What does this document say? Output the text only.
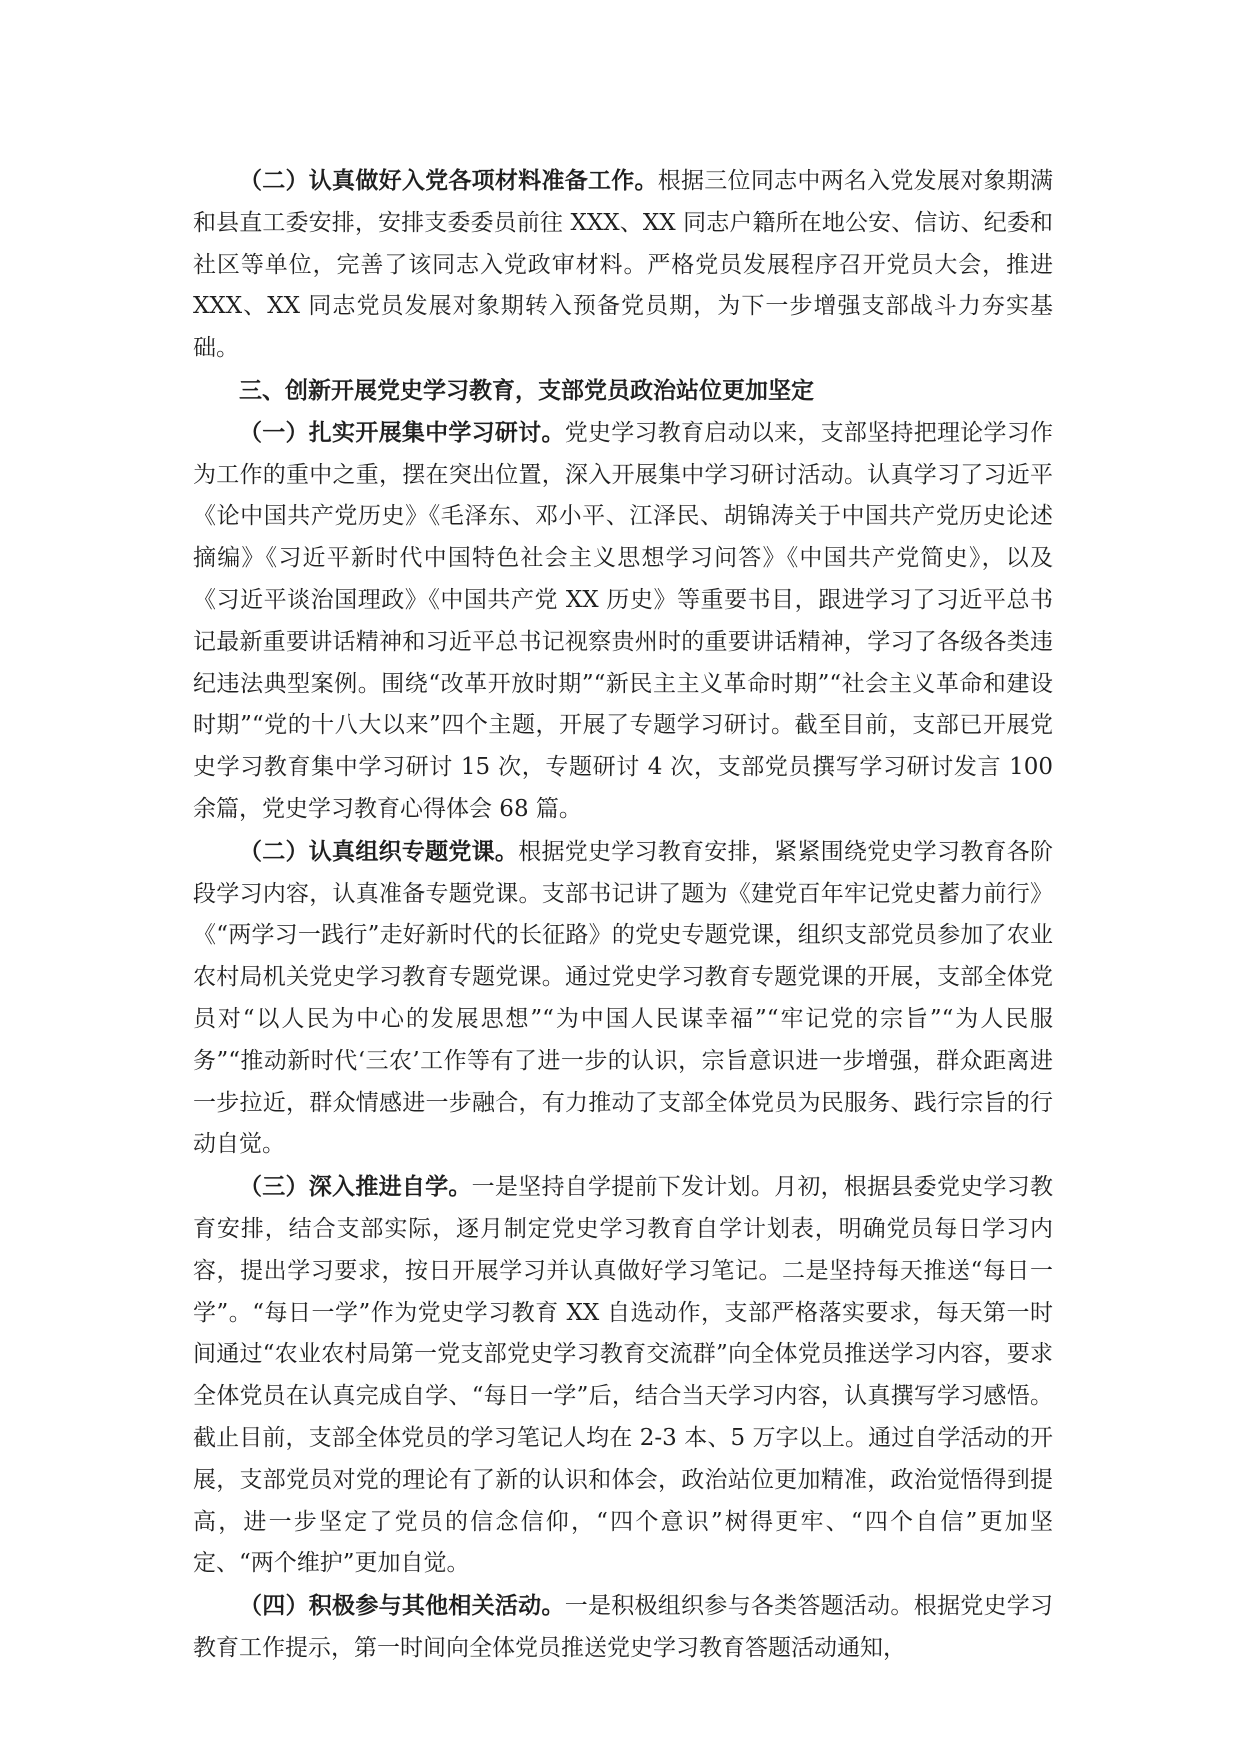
（二）认真做好入党各项材料准备工作。根据三位同志中两名入党发展对象期满和县直工委安排，安排支委委员前往 XXX、XX 同志户籍所在地公安、信访、纪委和社区等单位，完善了该同志入党政审材料。严格党员发展程序召开党员大会，推进 XXX、XX 同志党员发展对象期转入预备党员期，为下一步增强支部战斗力夯实基础。

三、创新开展党史学习教育，支部党员政治站位更加坚定

（一）扎实开展集中学习研讨。党史学习教育启动以来，支部坚持把理论学习作为工作的重中之重，摆在突出位置，深入开展集中学习研讨活动。认真学习了习近平《论中国共产党历史》《毛泽东、邓小平、江泽民、胡锦涛关于中国共产党历史论述摘编》《习近平新时代中国特色社会主义思想学习问答》《中国共产党简史》，以及《习近平谈治国理政》《中国共产党 XX 历史》等重要书目，跟进学习了习近平总书记最新重要讲话精神和习近平总书记视察贵州时的重要讲话精神，学习了各级各类违纪违法典型案例。围绕“改革开放时期”“新民主主义革命时期”“社会主义革命和建设时期”“党的十八大以来”四个主题，开展了专题学习研讨。截至目前，支部已开展党史学习教育集中学习研讨 15 次，专题研讨 4 次，支部党员撰写学习研讨发言 100 余篇，党史学习教育心得体会 68 篇。

（二）认真组织专题党课。根据党史学习教育安排，紧紧围绕党史学习教育各阶段学习内容，认真准备专题党课。支部书记讲了题为《建党百年牢记党史蓄力前行》《“两学习一践行”走好新时代的长征路》的党史专题党课，组织支部党员参加了农业农村局机关党史学习教育专题党课。通过党史学习教育专题党课的开展，支部全体党员对“以人民为中心的发展思想”“为中国人民谋幸福”“牢记党的宗旨”“为人民服务”“推动新时代‘三农’工作等有了进一步的认识，宗旨意识进一步增强，群众距离进一步拉近，群众情感进一步融合，有力推动了支部全体党员为民服务、践行宗旨的行动自觉。

（三）深入推进自学。一是坚持自学提前下发计划。月初，根据县委党史学习教育安排，结合支部实际，逐月制定党史学习教育自学计划表，明确党员每日学习内容，提出学习要求，按日开展学习并认真做好学习笔记。二是坚持每天推送“每日一学”。“每日一学”作为党史学习教育 XX 自选动作，支部严格落实要求，每天第一时间通过“农业农村局第一党支部党史学习教育交流群”向全体党员推送学习内容，要求全体党员在认真完成自学、“每日一学”后，结合当天学习内容，认真撰写学习感悟。截止目前，支部全体党员的学习笔记人均在 2-3 本、5 万字以上。通过自学活动的开展，支部党员对党的理论有了新的认识和体会，政治站位更加精准，政治觉悟得到提高，进一步坚定了党员的信念信仰，“四个意识”树得更牢、“四个自信”更加坚定、“两个维护”更加自觉。

（四）积极参与其他相关活动。一是积极组织参与各类答题活动。根据党史学习教育工作提示，第一时间向全体党员推送党史学习教育答题活动通知，
